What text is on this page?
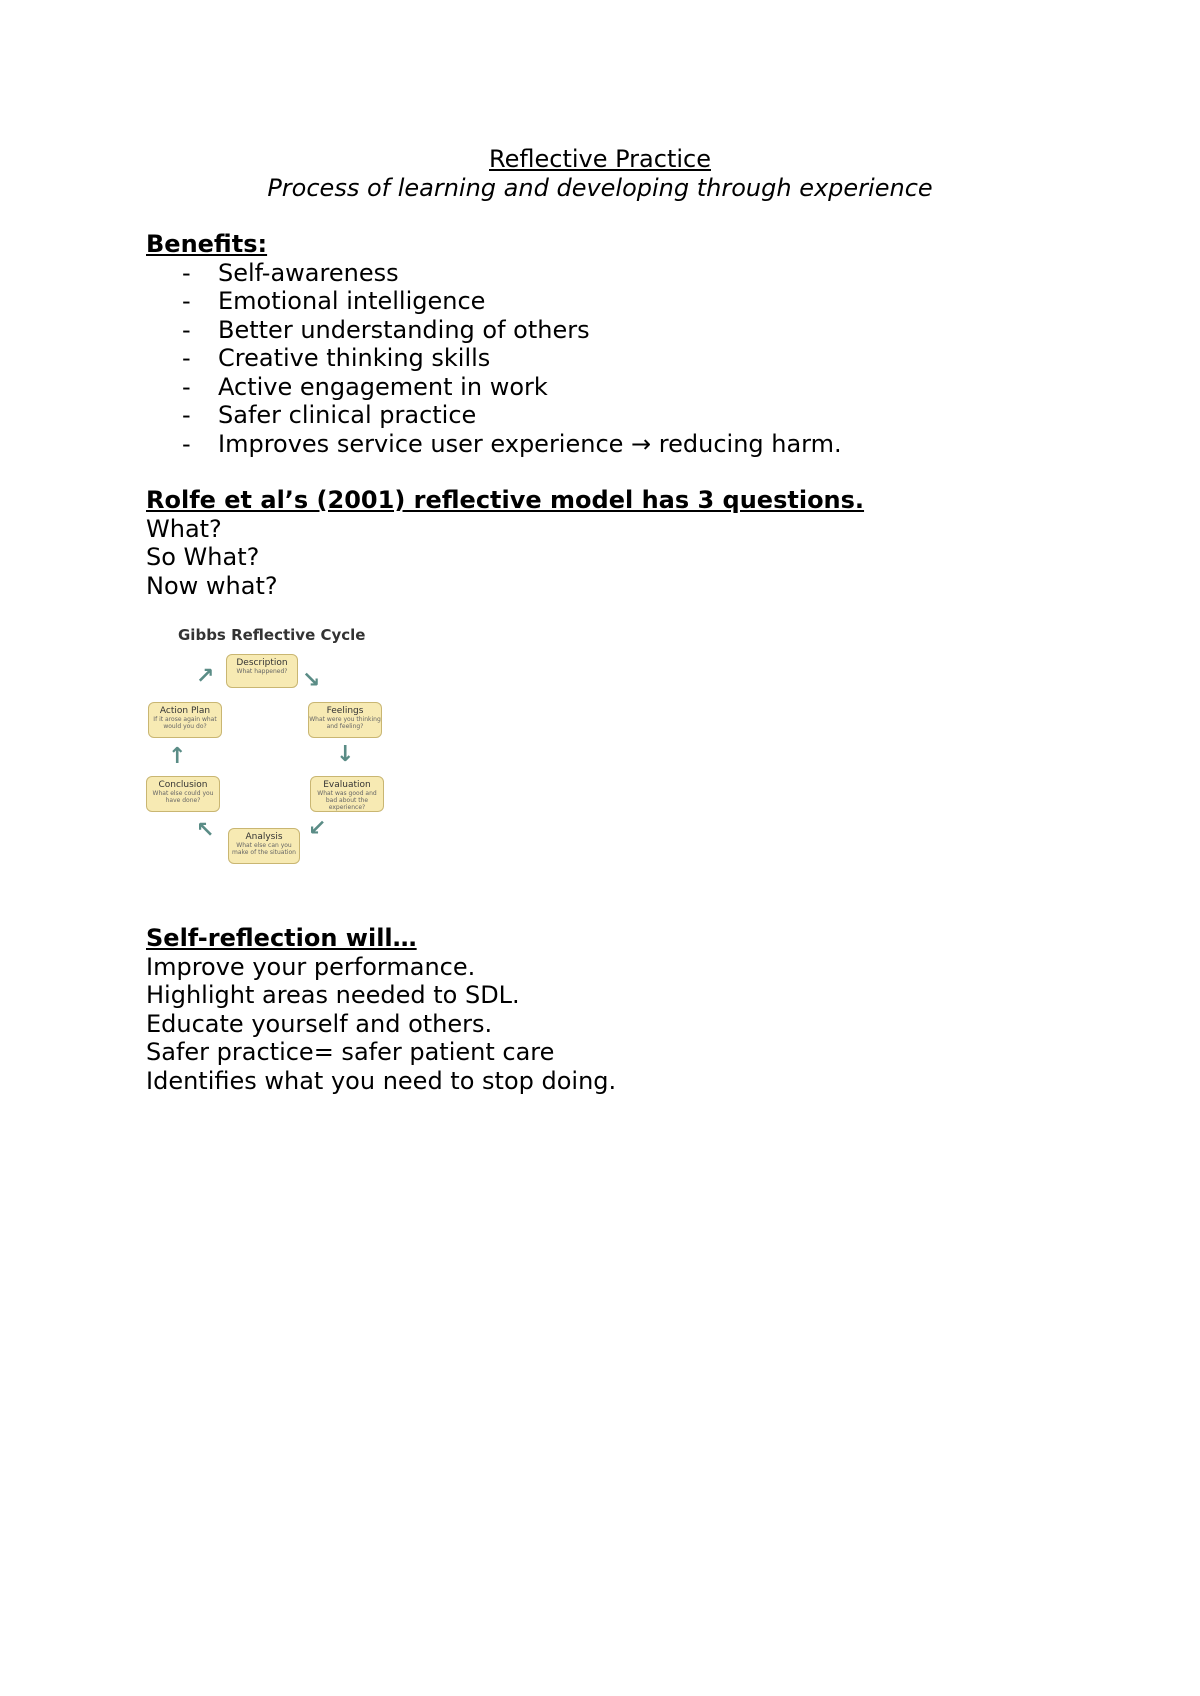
Reflective Practice
Process of learning and developing through experience
Benefits:
- Self-awareness
- Emotional intelligence
- Better understanding of others
- Creative thinking skills
- Active engagement in work
- Safer clinical practice
- Improves service user experience → reducing harm.
Rolfe et al’s (2001) reflective model has 3 questions.
What?
So What?
Now what?
Gibbs Reflective Cycle
Description
What happened?
Feelings
What were you thinking and feeling?
Evaluation
What was good and bad about the experience?
Analysis
What else can you make of the situation
Conclusion
What else could you have done?
Action Plan
If it arose again what would you do?
↘
↓
↙
↖
↑
↗
Self-reflection will…
Improve your performance.
Highlight areas needed to SDL.
Educate yourself and others.
Safer practice= safer patient care
Identifies what you need to stop doing.
